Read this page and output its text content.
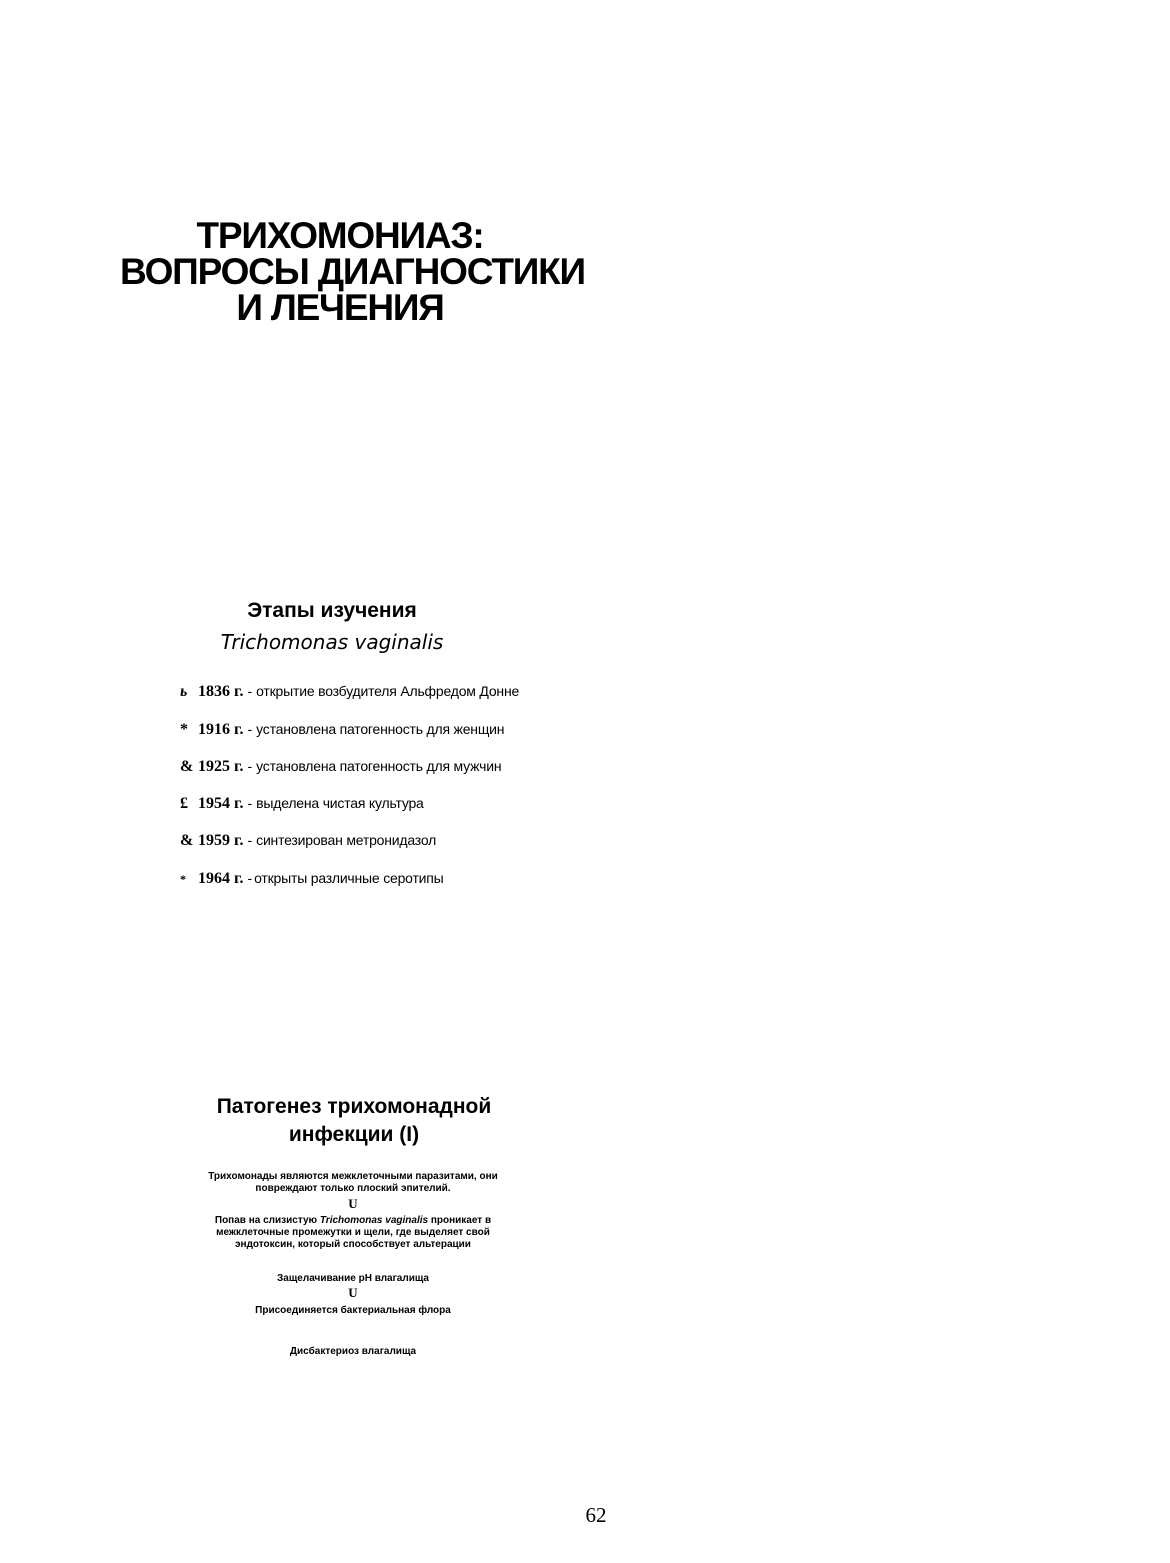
ТРИХОМОНИАЗ:
ВОПРОСЫ ДИАГНОСТИКИ
И ЛЕЧЕНИЯ
Этапы изучения
Trichomonas vaginalis
ь 1836 г. - открытие возбудителя Альфредом Донне
* 1916 г. - установлена патогенность для женщин
& 1925 г. - установлена патогенность для мужчин
£ 1954 г. - выделена чистая культура
& 1959 г. - синтезирован метронидазол
* 1964 г. - открыты различные серотипы
Патогенез трихомонадной
инфекции (I)
Трихомонады являются межклеточными паразитами, они
повреждают только плоский эпителий.
U
Попав на слизистую Trichomonas vaginalis проникает в
межклеточные промежутки и щели, где выделяет свой
эндотоксин, который способствует альтерации
Защелачивание рН влагалища
U
Присоединяется бактериальная флора
Дисбактериоз влагалища
62
